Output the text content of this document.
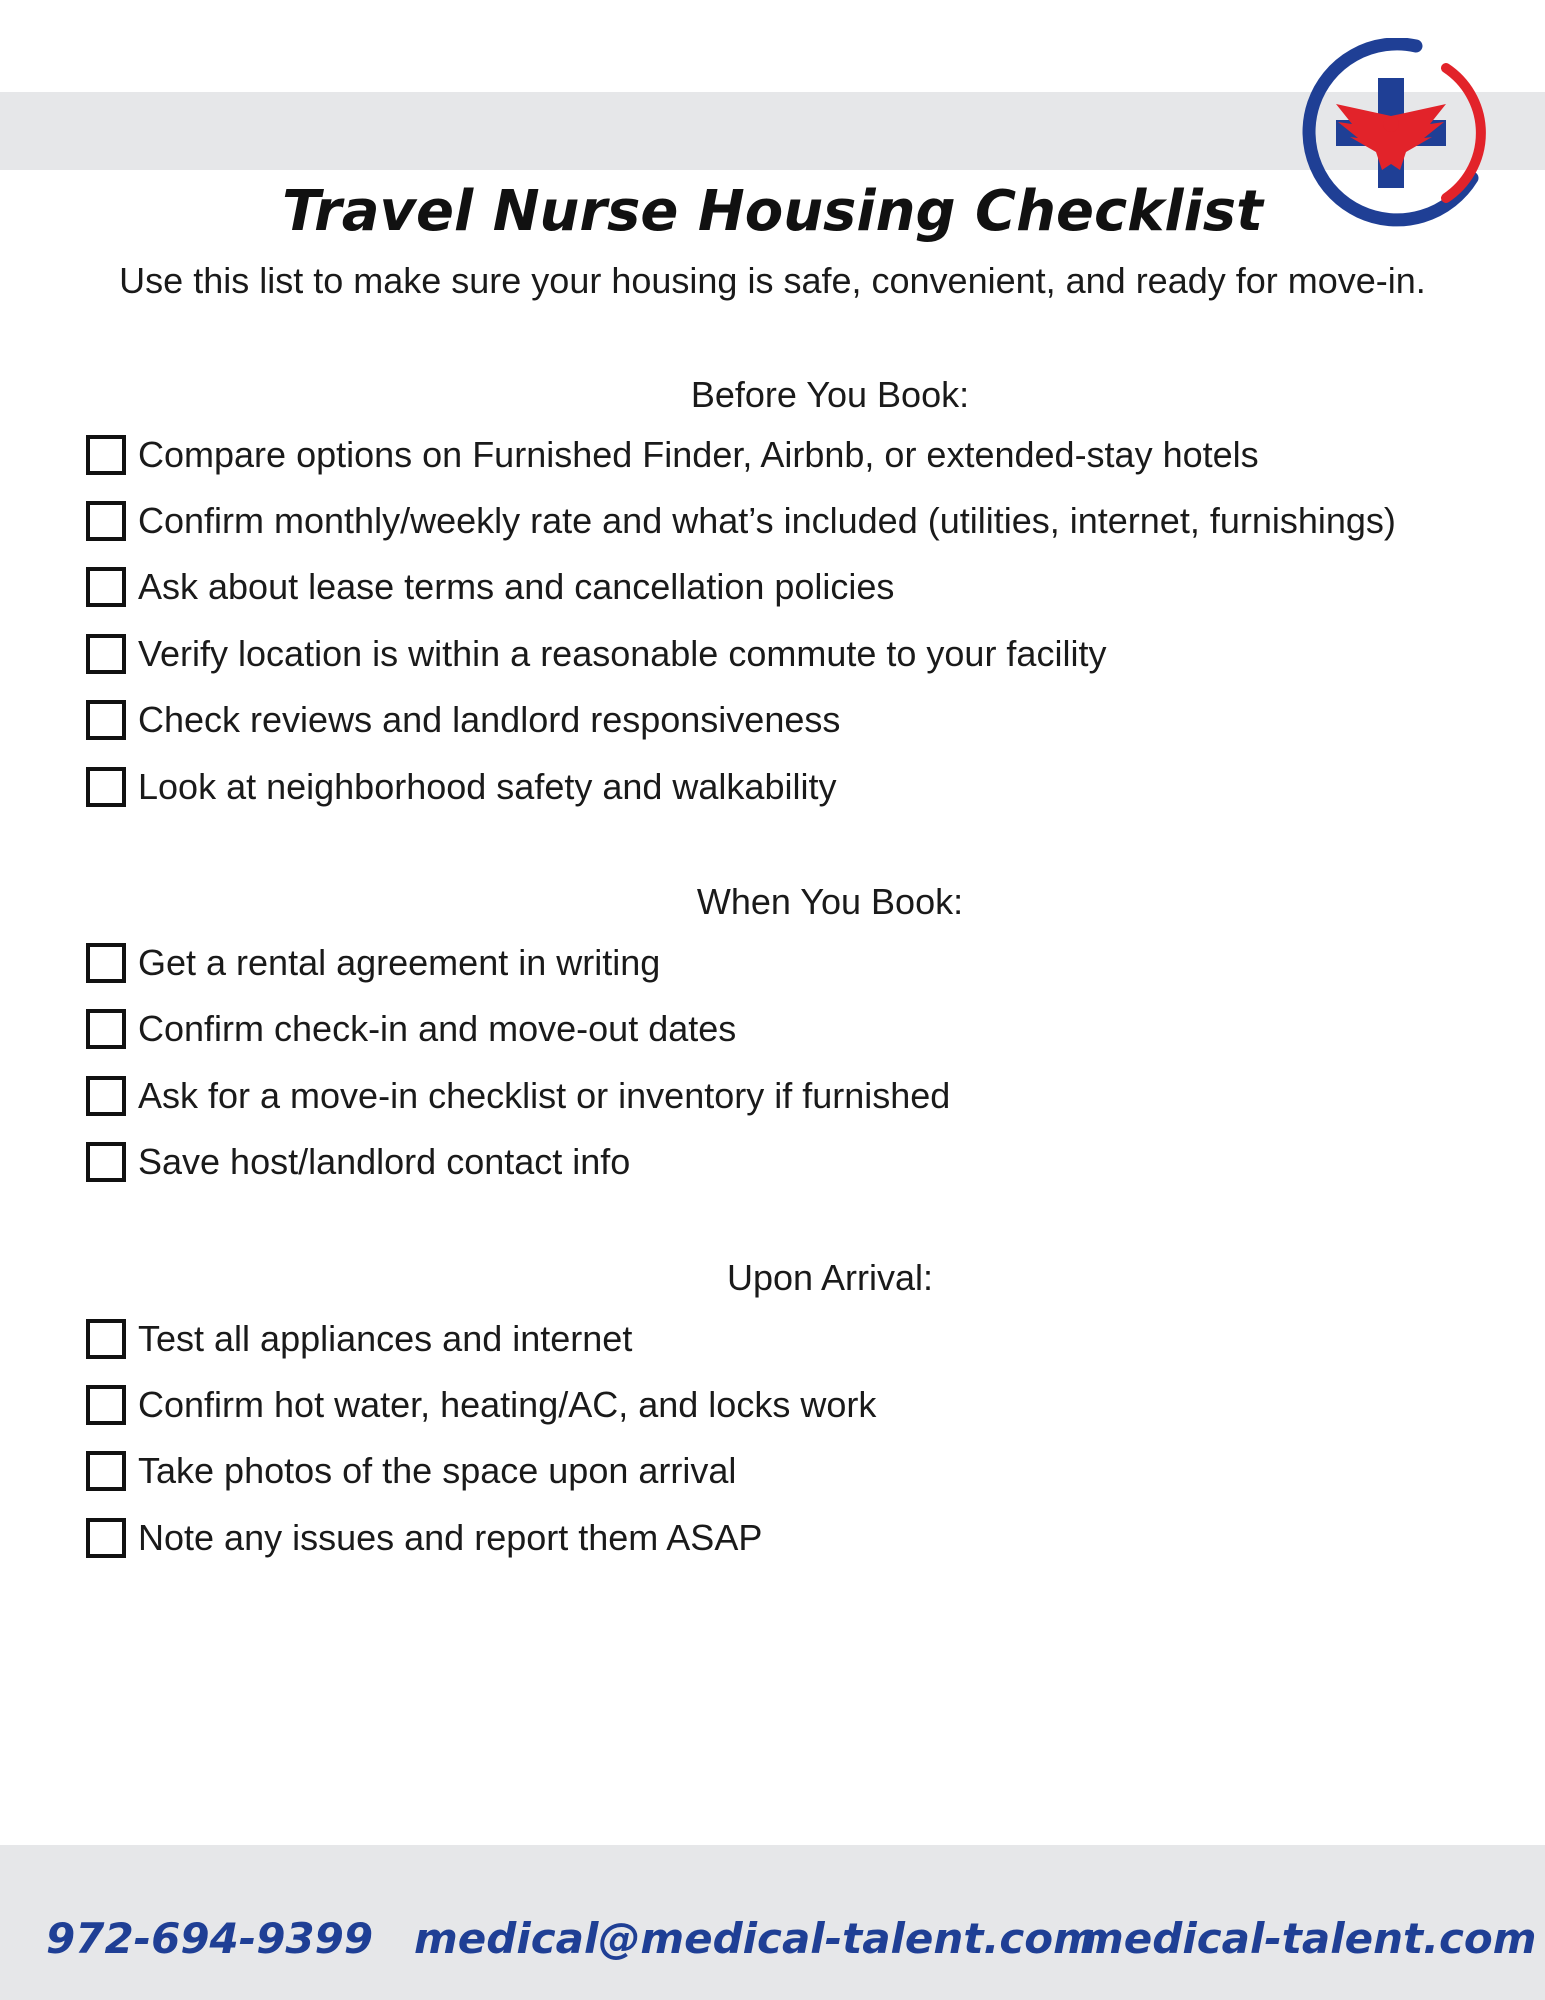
Travel Nurse Housing Checklist
Use this list to make sure your housing is safe, convenient, and ready for move-in.
Before You Book:
Compare options on Furnished Finder, Airbnb, or extended-stay hotels
Confirm monthly/weekly rate and what’s included (utilities, internet, furnishings)
Ask about lease terms and cancellation policies
Verify location is within a reasonable commute to your facility
Check reviews and landlord responsiveness
Look at neighborhood safety and walkability
When You Book:
Get a rental agreement in writing
Confirm check-in and move-out dates
Ask for a move-in checklist or inventory if furnished
Save host/landlord contact info
Upon Arrival:
Test all appliances and internet
Confirm hot water, heating/AC, and locks work
Take photos of the space upon arrival
Note any issues and report them ASAP
972-694-9399 medical@medical-talent.com
medical-talent.com
